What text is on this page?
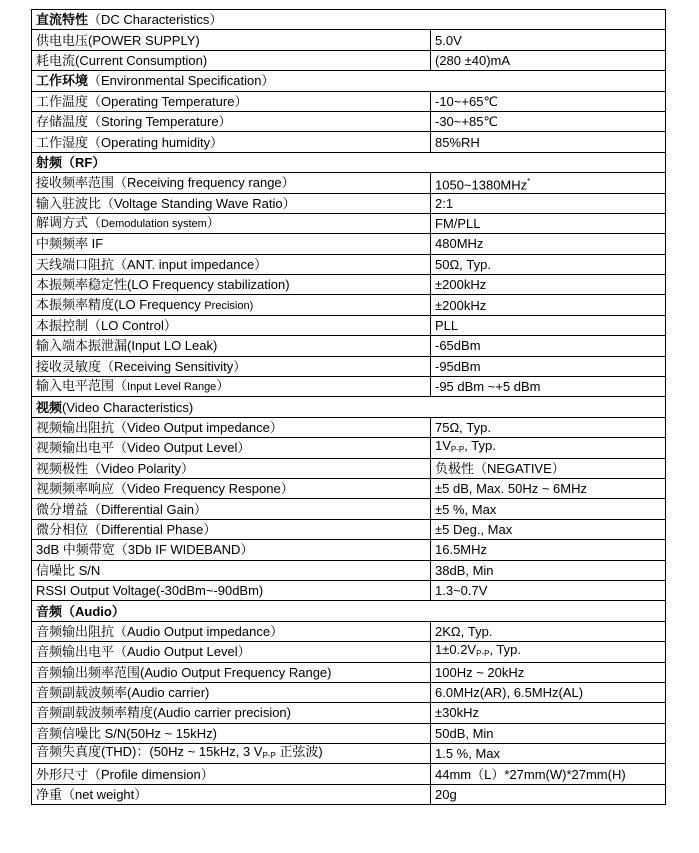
直流特性（DC Characteristics）	
供电电压(POWER SUPPLY)	5.0V
耗电流(Current Consumption)	(280 ±40)mA
工作环境（Environmental Specification）	
工作温度（Operating Temperature）	-10~+65℃
存储温度（Storing Temperature）	-30~+85℃
工作湿度（Operating humidity）	85%RH
射频（RF）	
接收频率范围（Receiving frequency range）	1050~1380MHz*
输入驻波比（Voltage Standing Wave Ratio）	2:1
解调方式（Demodulation system）	FM/PLL
中频频率 IF	480MHz
天线端口阻抗（ANT. input impedance）	50Ω, Typ.
本振频率稳定性(LO Frequency stabilization)	±200kHz
本振频率精度(LO Frequency Precision)	±200kHz
本振控制（LO Control）	PLL
输入端本振泄漏(Input LO Leak)	-65dBm
接收灵敏度（Receiving Sensitivity）	-95dBm
输入电平范围（Input Level Range）	-95 dBm ~+5 dBm
视频(Video Characteristics)	
视频输出阻抗（Video Output impedance）	75Ω, Typ.
视频输出电平（Video Output Level）	$1V_{P-P}$, Typ.
视频极性（Video Polarity）	负极性（NEGATIVE）
视频频率响应（Video Frequency Respone）	±5 dB, Max. 50Hz ~ 6MHz
微分增益（Differential Gain）	±5 %, Max
微分相位（Differential Phase）	±5 Deg., Max
3dB 中频带宽（3Db IF WIDEBAND）	16.5MHz
信噪比 S/N	38dB, Min
RSSI Output Voltage(-30dBm~-90dBm)	1.3~0.7V
音频（Audio）	
音频输出阻抗（Audio Output impedance）	2KΩ, Typ.
音频输出电平（Audio Output Level）	$1\pm 0.2V_{P-P}$, Typ.
音频输出频率范围(Audio Output Frequency Range)	100Hz ~ 20kHz
音频副载波频率(Audio carrier)	6.0MHz(AR), 6.5MHz(AL)
音频副载波频率精度(Audio carrier precision)	±30kHz
音频信噪比 S/N(50Hz ~ 15kHz)	50dB, Min
音频失真度(THD)：(50Hz ~ 15kHz, 3 $V_{P-P}$ 正弦波)	1.5 %, Max
外形尺寸（Profile dimension）	44mm（L）*27mm(W)*27mm(H)
净重（net weight）	20g
